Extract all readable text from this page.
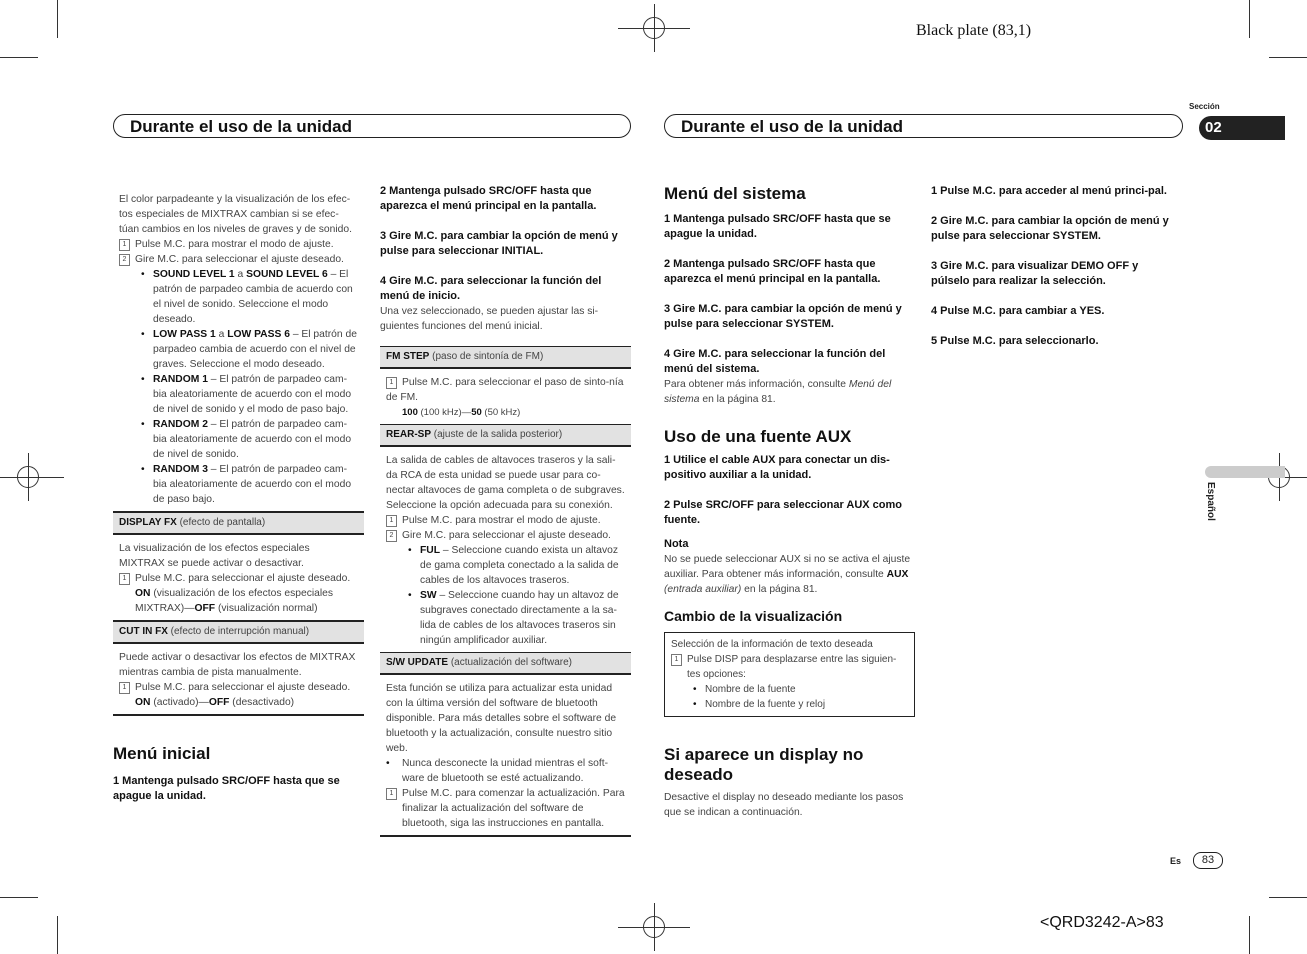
Black plate (83,1)
<QRD3242-A>83
Durante el uso de la unidad	Durante el uso de la unidad
Sección
02
Español
Es	83

El color parpadeante y la visualización de los efec-tos especiales de MIXTRAX cambian si se efec-túan cambios en los niveles de graves y de sonido.

1 Pulse M.C. para mostrar el modo de ajuste.

2 Gire M.C. para seleccionar el ajuste deseado.

• SOUND LEVEL 1 a SOUND LEVEL 6 – El patrón de parpadeo cambia de acuerdo con el nivel de sonido. Seleccione el modo deseado.

• LOW PASS 1 a LOW PASS 6 – El patrón de parpadeo cambia de acuerdo con el nivel de graves. Seleccione el modo deseado.

• RANDOM 1 – El patrón de parpadeo cam-bia aleatoriamente de acuerdo con el modo de nivel de sonido y el modo de paso bajo.

• RANDOM 2 – El patrón de parpadeo cam-bia aleatoriamente de acuerdo con el modo de nivel de sonido.

• RANDOM 3 – El patrón de parpadeo cam-bia aleatoriamente de acuerdo con el modo de paso bajo.

DISPLAY FX (efecto de pantalla)

La visualización de los efectos especiales MIXTRAX se puede activar o desactivar.

1 Pulse M.C. para seleccionar el ajuste deseado.

ON (visualización de los efectos especiales MIXTRAX)—OFF (visualización normal)

CUT IN FX (efecto de interrupción manual)

Puede activar o desactivar los efectos de MIXTRAX mientras cambia de pista manualmente.

1 Pulse M.C. para seleccionar el ajuste deseado.

ON (activado)—OFF (desactivado)

Menú inicial

1 Mantenga pulsado SRC/OFF hasta que se apague la unidad.

2 Mantenga pulsado SRC/OFF hasta que aparezca el menú principal en la pantalla.

3 Gire M.C. para cambiar la opción de menú y pulse para seleccionar INITIAL.

4 Gire M.C. para seleccionar la función del menú de inicio.

Una vez seleccionado, se pueden ajustar las si-guientes funciones del menú inicial.

FM STEP (paso de sintonía de FM)

1 Pulse M.C. para seleccionar el paso de sinto-nía de FM.

100 (100 kHz)—50 (50 kHz)

REAR-SP (ajuste de la salida posterior)

La salida de cables de altavoces traseros y la sali-da RCA de esta unidad se puede usar para co-nectar altavoces de gama completa o de subgraves. Seleccione la opción adecuada para su conexión.

1 Pulse M.C. para mostrar el modo de ajuste.

2 Gire M.C. para seleccionar el ajuste deseado.

• FUL – Seleccione cuando exista un altavoz de gama completa conectado a la salida de cables de los altavoces traseros.

• SW – Seleccione cuando hay un altavoz de subgraves conectado directamente a la sa-lida de cables de los altavoces traseros sin ningún amplificador auxiliar.

S/W UPDATE (actualización del software)

Esta función se utiliza para actualizar esta unidad con la última versión del software de bluetooth disponible. Para más detalles sobre el software de bluetooth y la actualización, consulte nuestro sitio web.

• Nunca desconecte la unidad mientras el soft-ware de bluetooth se esté actualizando.

1 Pulse M.C. para comenzar la actualización. Para finalizar la actualización del software de bluetooth, siga las instrucciones en pantalla.

Menú del sistema

1 Mantenga pulsado SRC/OFF hasta que se apague la unidad.

2 Mantenga pulsado SRC/OFF hasta que aparezca el menú principal en la pantalla.

3 Gire M.C. para cambiar la opción de menú y pulse para seleccionar SYSTEM.

4 Gire M.C. para seleccionar la función del menú del sistema.

Para obtener más información, consulte Menú del sistema en la página 81.

Uso de una fuente AUX

1 Utilice el cable AUX para conectar un dis-positivo auxiliar a la unidad.

2 Pulse SRC/OFF para seleccionar AUX como fuente.

Nota

No se puede seleccionar AUX si no se activa el ajuste auxiliar. Para obtener más información, consulte AUX (entrada auxiliar) en la página 81.

Cambio de la visualización

Selección de la información de texto deseada

1 Pulse DISP para desplazarse entre las siguien-tes opciones:

• Nombre de la fuente

• Nombre de la fuente y reloj

Si aparece un display no deseado

Desactive el display no deseado mediante los pasos que se indican a continuación.

1 Pulse M.C. para acceder al menú princi-pal.

2 Gire M.C. para cambiar la opción de menú y pulse para seleccionar SYSTEM.

3 Gire M.C. para visualizar DEMO OFF y púlselo para realizar la selección.

4 Pulse M.C. para cambiar a YES.

5 Pulse M.C. para seleccionarlo.
